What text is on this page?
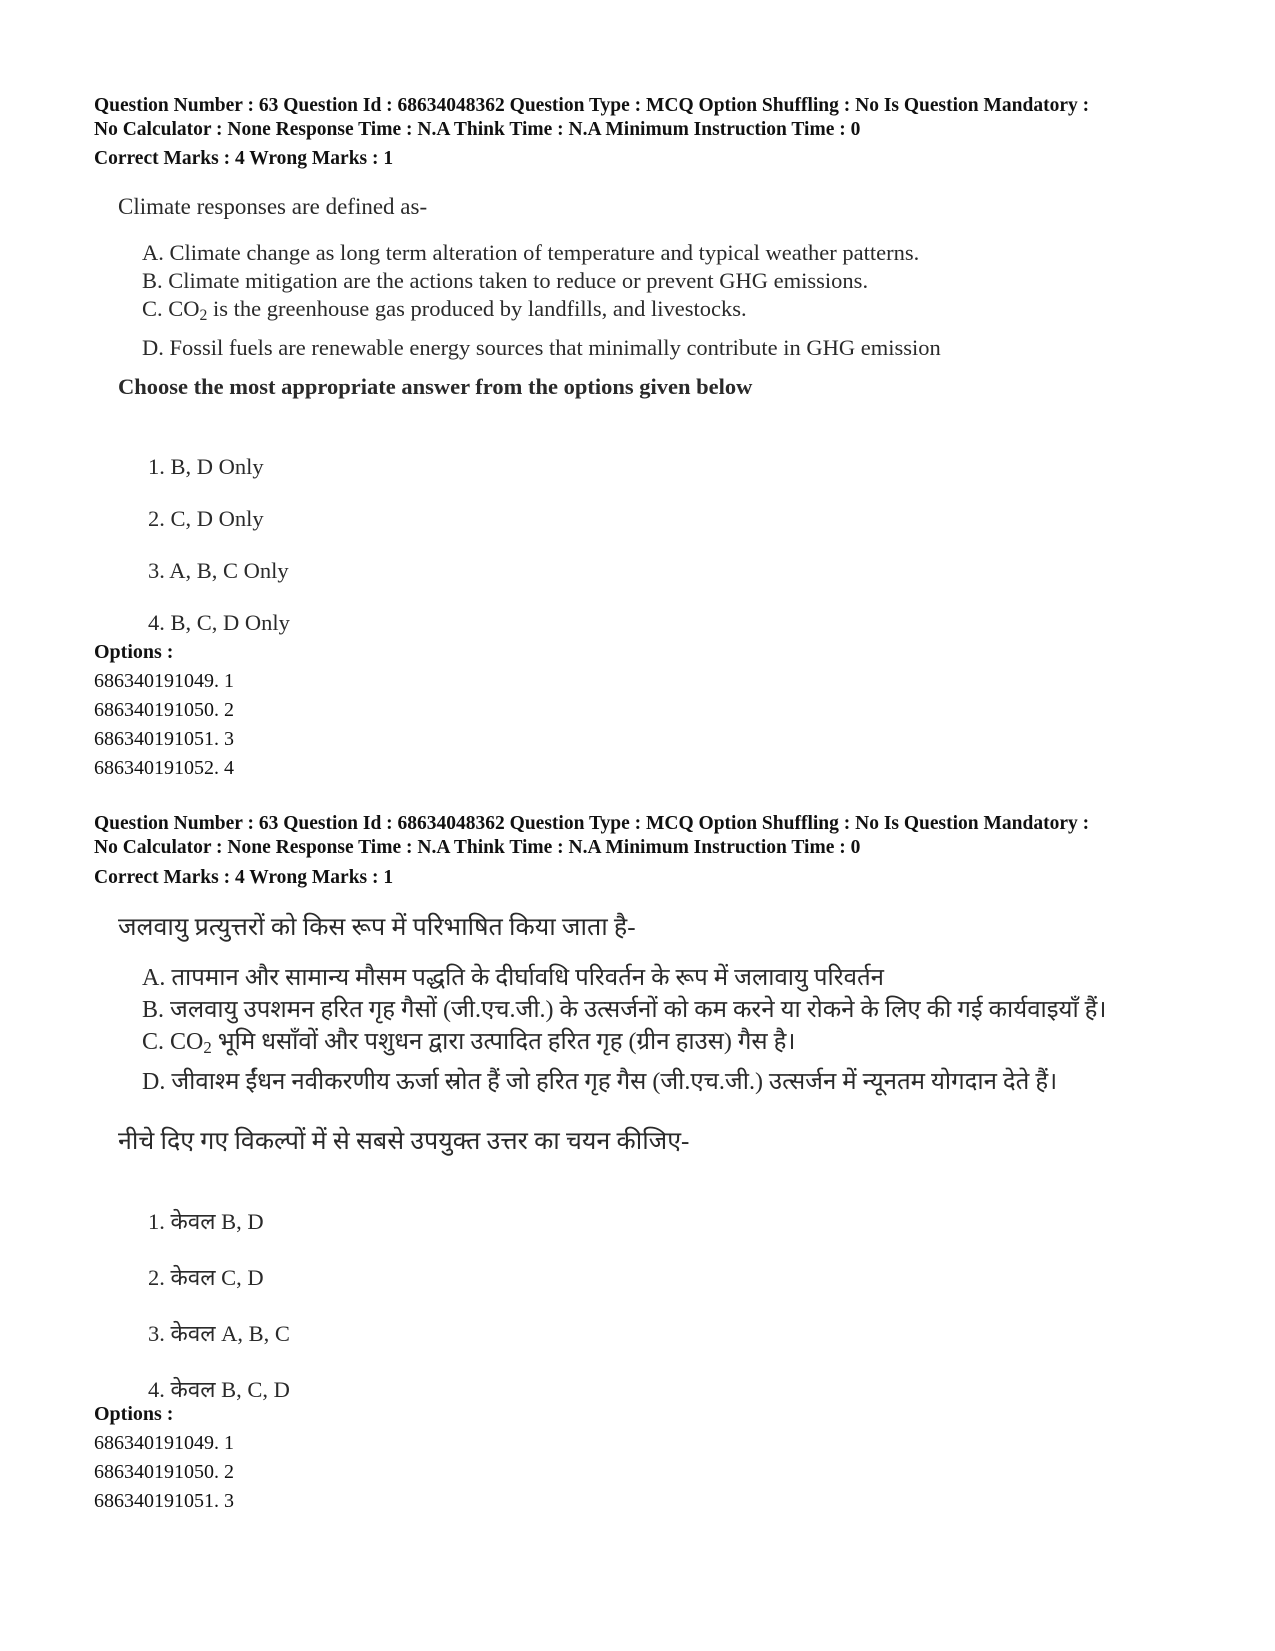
Question Number : 63 Question Id : 68634048362 Question Type : MCQ Option Shuffling : No Is Question Mandatory :
No Calculator : None Response Time : N.A Think Time : N.A Minimum Instruction Time : 0
Correct Marks : 4 Wrong Marks : 1
Climate responses are defined as-
A. Climate change as long term alteration of temperature and typical weather patterns.
B. Climate mitigation are the actions taken to reduce or prevent GHG emissions.
C. $CO_2$ is the greenhouse gas produced by landfills, and livestocks.
D. Fossil fuels are renewable energy sources that minimally contribute in GHG emission
Choose the most appropriate answer from the options given below
1. B, D Only
2. C, D Only
3. A, B, C Only
4. B, C, D Only
Options :
686340191049. 1
686340191050. 2
686340191051. 3
686340191052. 4
Question Number : 63 Question Id : 68634048362 Question Type : MCQ Option Shuffling : No Is Question Mandatory :
No Calculator : None Response Time : N.A Think Time : N.A Minimum Instruction Time : 0
Correct Marks : 4 Wrong Marks : 1
जलवायु प्रत्युत्तरों को किस रूप में परिभाषित किया जाता है-
A. तापमान और सामान्य मौसम पद्धति के दीर्घावधि परिवर्तन के रूप में जलावायु परिवर्तन
B. जलवायु उपशमन हरित गृह गैसों (जी.एच.जी.) के उत्सर्जनों को कम करने या रोकने के लिए की गई कार्यवाइयाँ हैं।
C. $CO_2$ भूमि धसाँवों और पशुधन द्वारा उत्पादित हरित गृह (ग्रीन हाउस) गैस है।
D. जीवाश्म ईंधन नवीकरणीय ऊर्जा स्रोत हैं जो हरित गृह गैस (जी.एच.जी.) उत्सर्जन में न्यूनतम योगदान देते हैं।
नीचे दिए गए विकल्पों में से सबसे उपयुक्त उत्तर का चयन कीजिए-
1. केवल B, D
2. केवल C, D
3. केवल A, B, C
4. केवल B, C, D
Options :
686340191049. 1
686340191050. 2
686340191051. 3
